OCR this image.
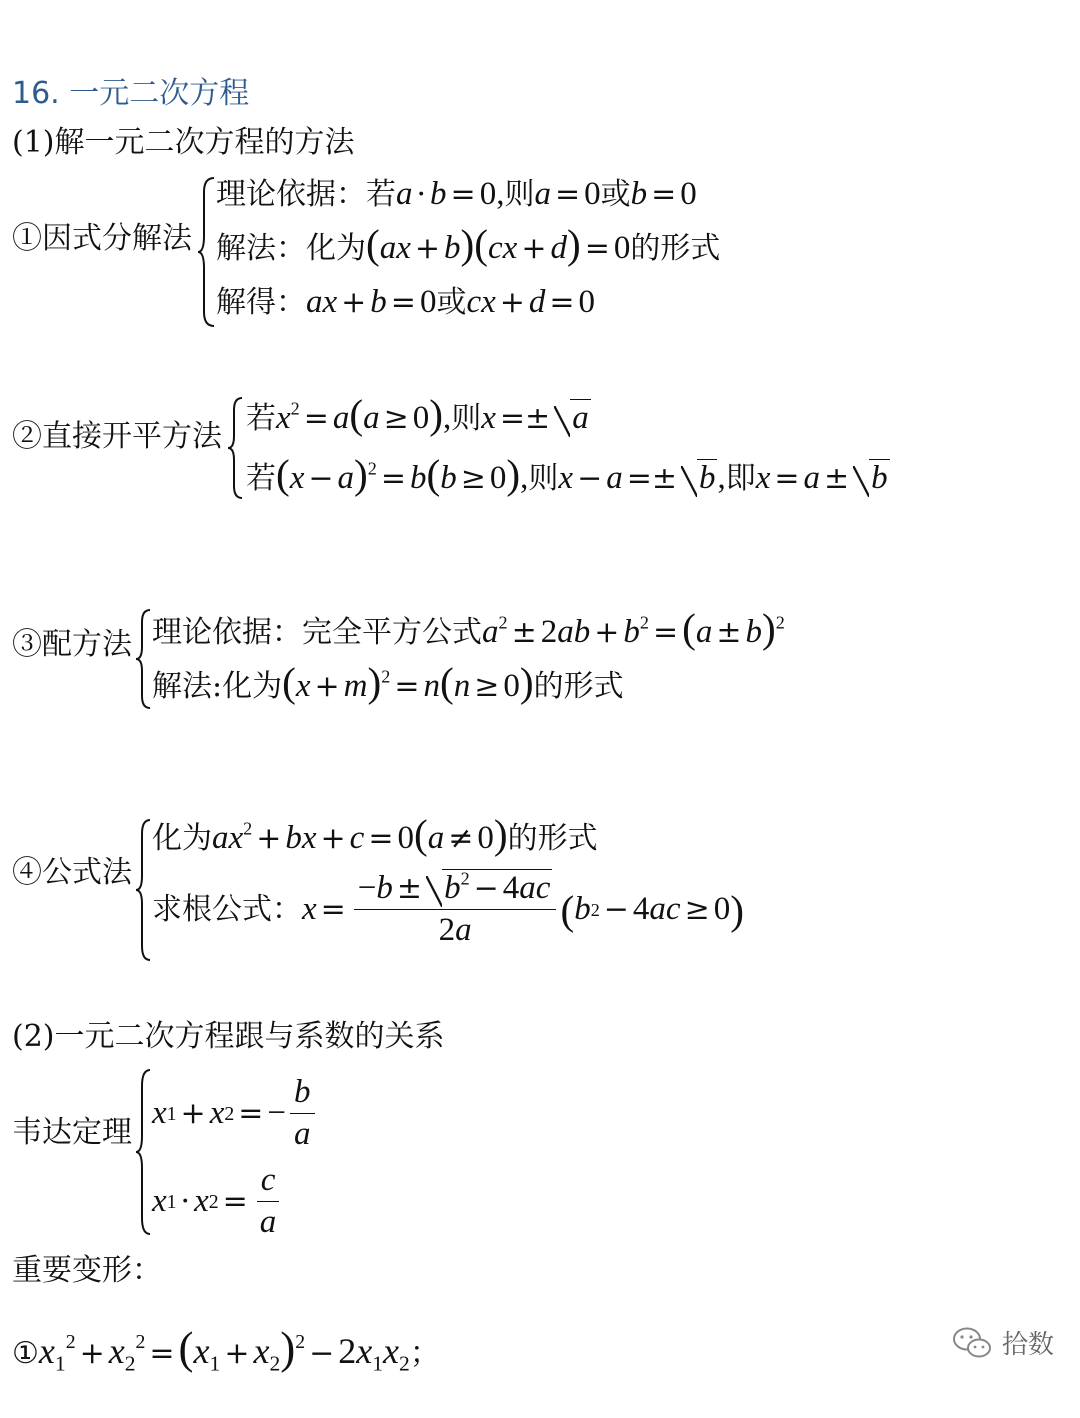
16. 一元二次方程
(1)解一元二次方程的方法
①因式分解法
理论依据：若a · b = 0,则a = 0或b = 0
解法：化为(ax + b)(cx + d) = 0的形式
解得：ax + b = 0或cx + d = 0
②直接开平方法
若$x^2 = a(a \ge 0)$,则x =± a
若$(x - a)^2 = b(b \ge 0)$,则x − a =± b,即x = a ± b
③配方法 理论依据：完全平方公式$a^2 \pm 2ab + b^2 =(a \pm b)^2$
解法:化为$(x + m)^2 = n(n \ge 0)$的形式
④公式法
化为$ax^2$ + bx + c = 0(a ≠ 0)的形式
求根公式： $x = \frac{-b \pm b^2 - 4ac}{2a}$ ( b 2 − 4 ac ≥ 0 )
(2)一元二次方程跟与系数的关系
韦达定理
x 1 + x 2 = − $\frac{b}{a}$
x 1 · x $2 = \frac{c}{a}$
重要变形：
$①x_1^2 + x_2^2 =(x_1 + x_2)^2 - 2x_1x_2$；	拾数
